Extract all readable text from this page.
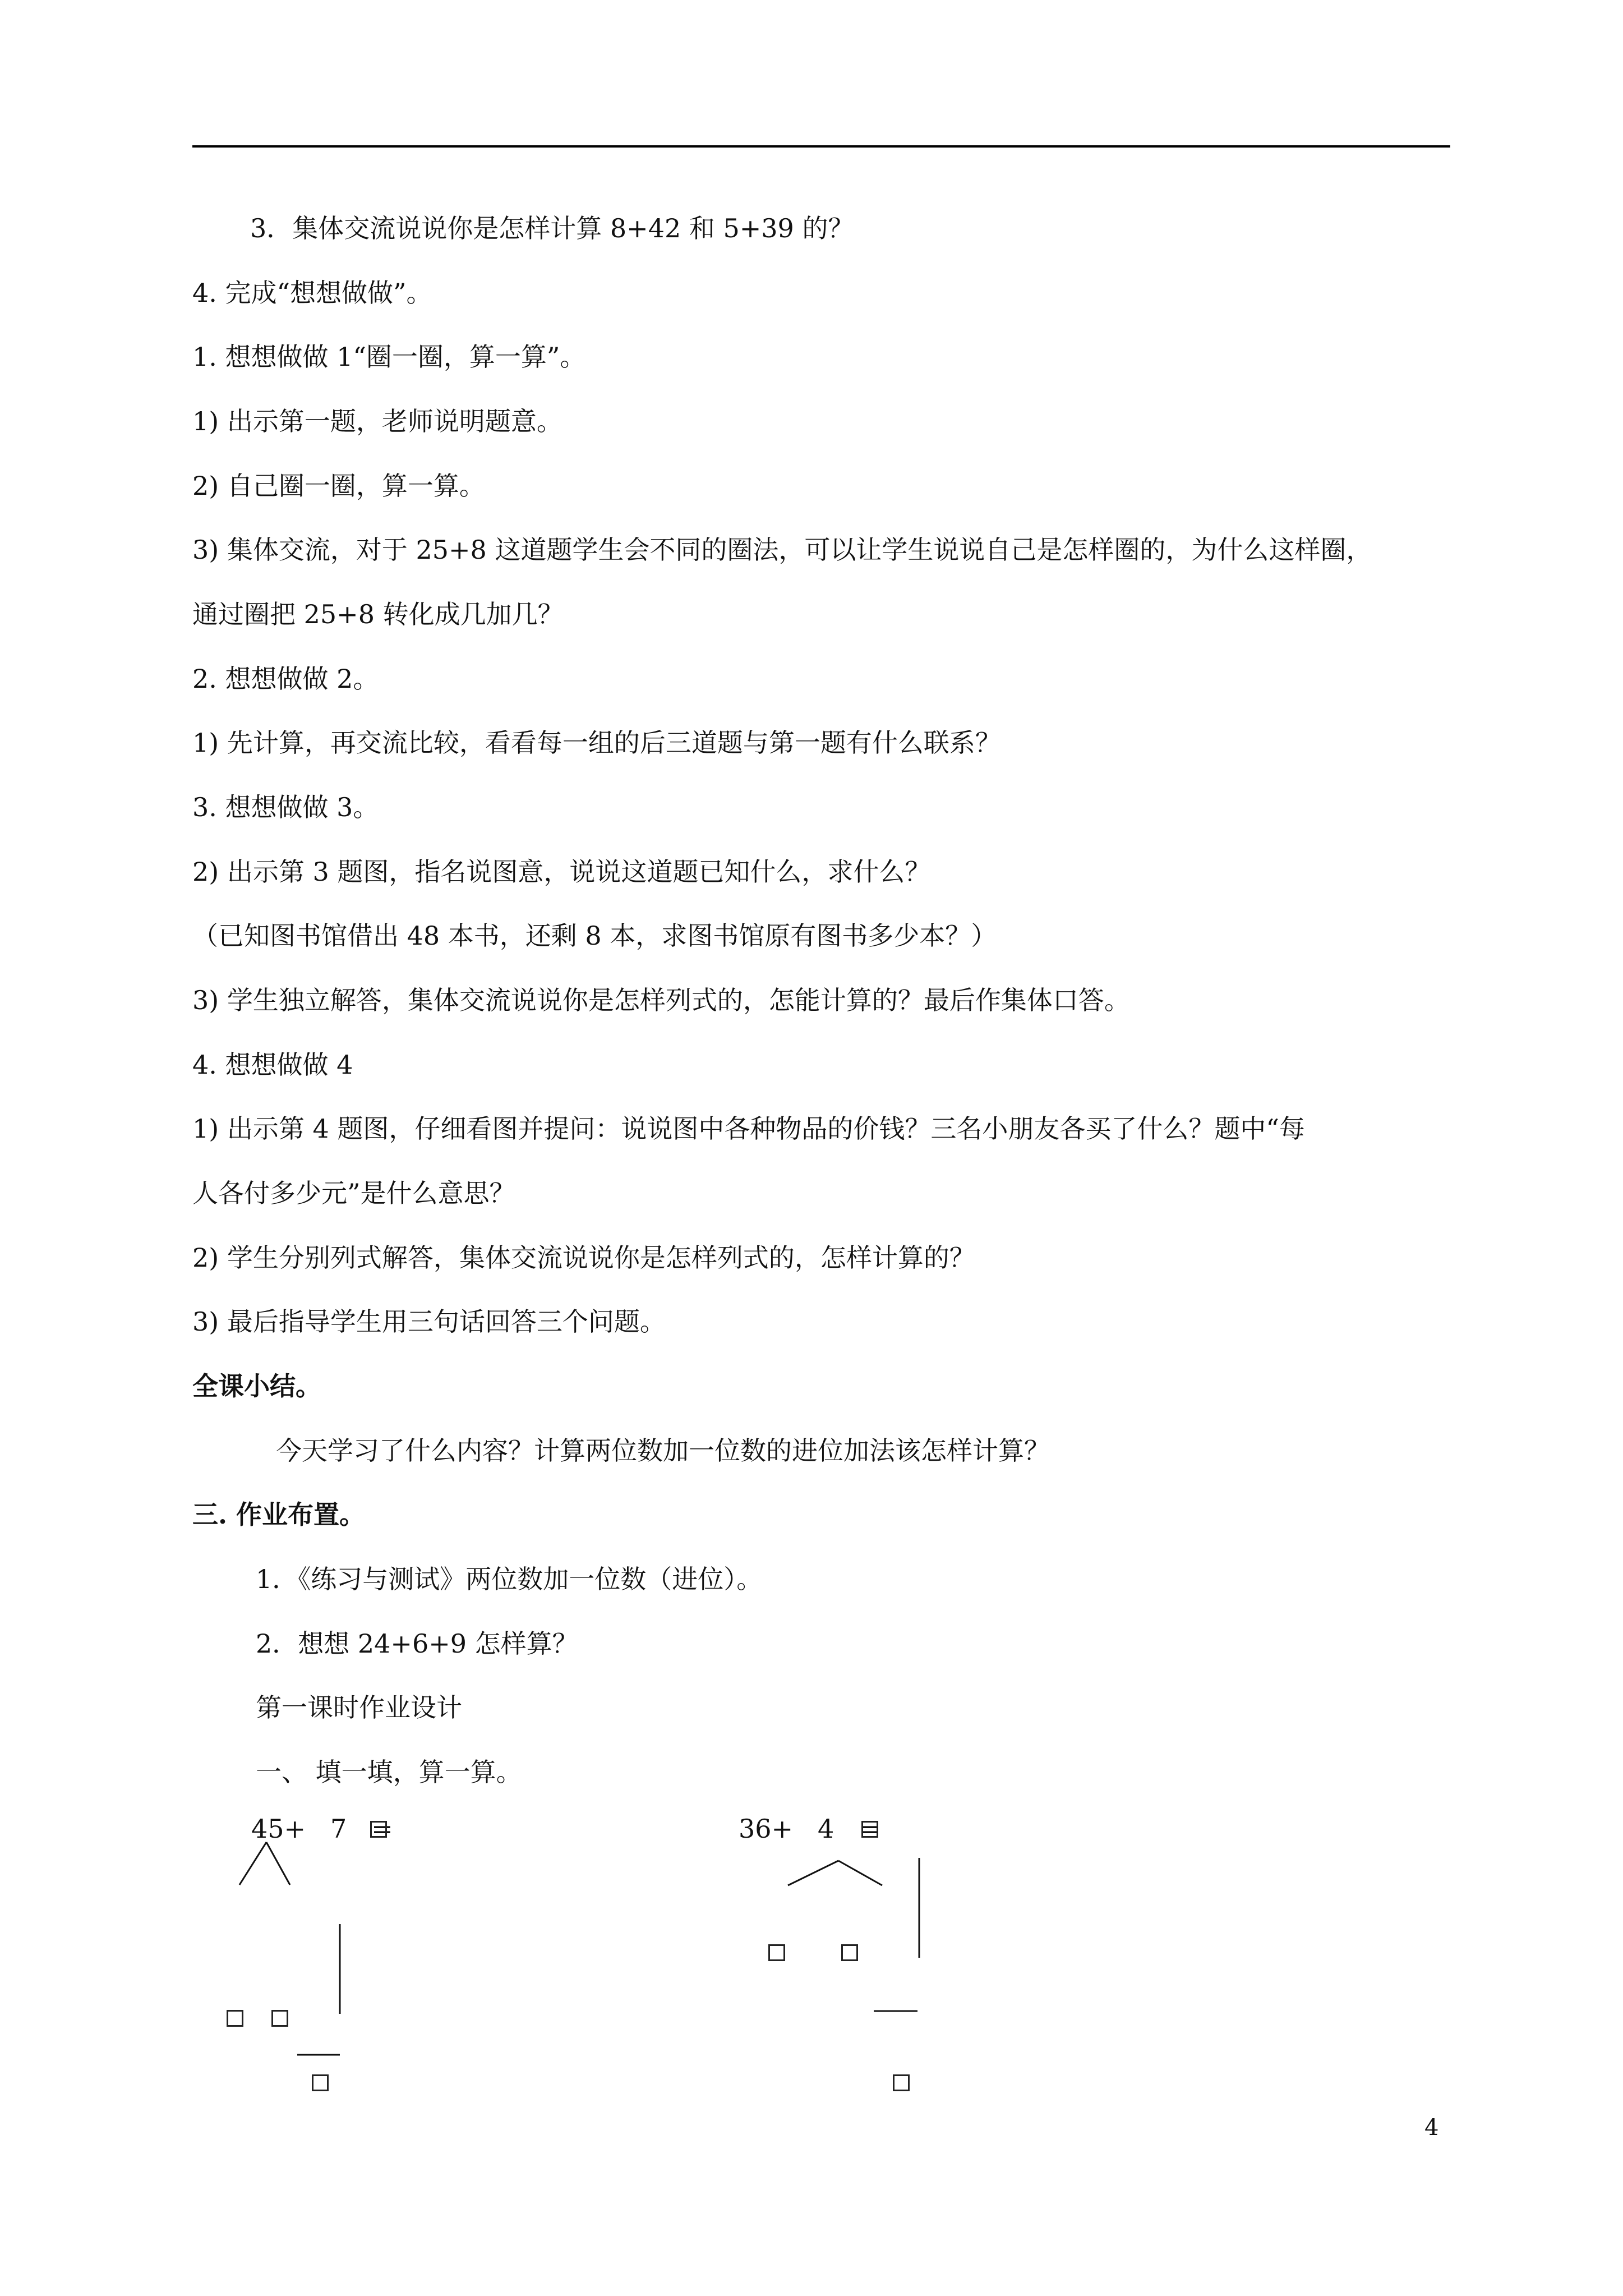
　3．集体交流说说你是怎样计算 8+42 和 5+39 的？
4. 完成“想想做做”。
1. 想想做做 1“圈一圈，算一算”。
1) 出示第一题，老师说明题意。
2) 自己圈一圈，算一算。
3) 集体交流，对于 25+8 这道题学生会不同的圈法，可以让学生说说自己是怎样圈的，为什么这样圈，
通过圈把 25+8 转化成几加几？
2. 想想做做 2。
1) 先计算，再交流比较，看看每一组的后三道题与第一题有什么联系？
3. 想想做做 3。
2) 出示第 3 题图，指名说图意，说说这道题已知什么，求什么？
（已知图书馆借出 48 本书，还剩 8 本，求图书馆原有图书多少本？）
3) 学生独立解答，集体交流说说你是怎样列式的，怎能计算的？最后作集体口答。
4. 想想做做 4
1) 出示第 4 题图，仔细看图并提问：说说图中各种物品的价钱？三名小朋友各买了什么？题中“每
人各付多少元”是什么意思？
2) 学生分别列式解答，集体交流说说你是怎样列式的，怎样计算的？
3) 最后指导学生用三句话回答三个问题。
全课小结。
　　今天学习了什么内容？计算两位数加一位数的进位加法该怎样计算？
三. 作业布置。
　1．《练习与测试》两位数加一位数（进位）。
　2．想想 24+6+9 怎样算？
　第一课时作业设计
　一、 填一填，算一算。
45+   7   =	36+   4   =
4
